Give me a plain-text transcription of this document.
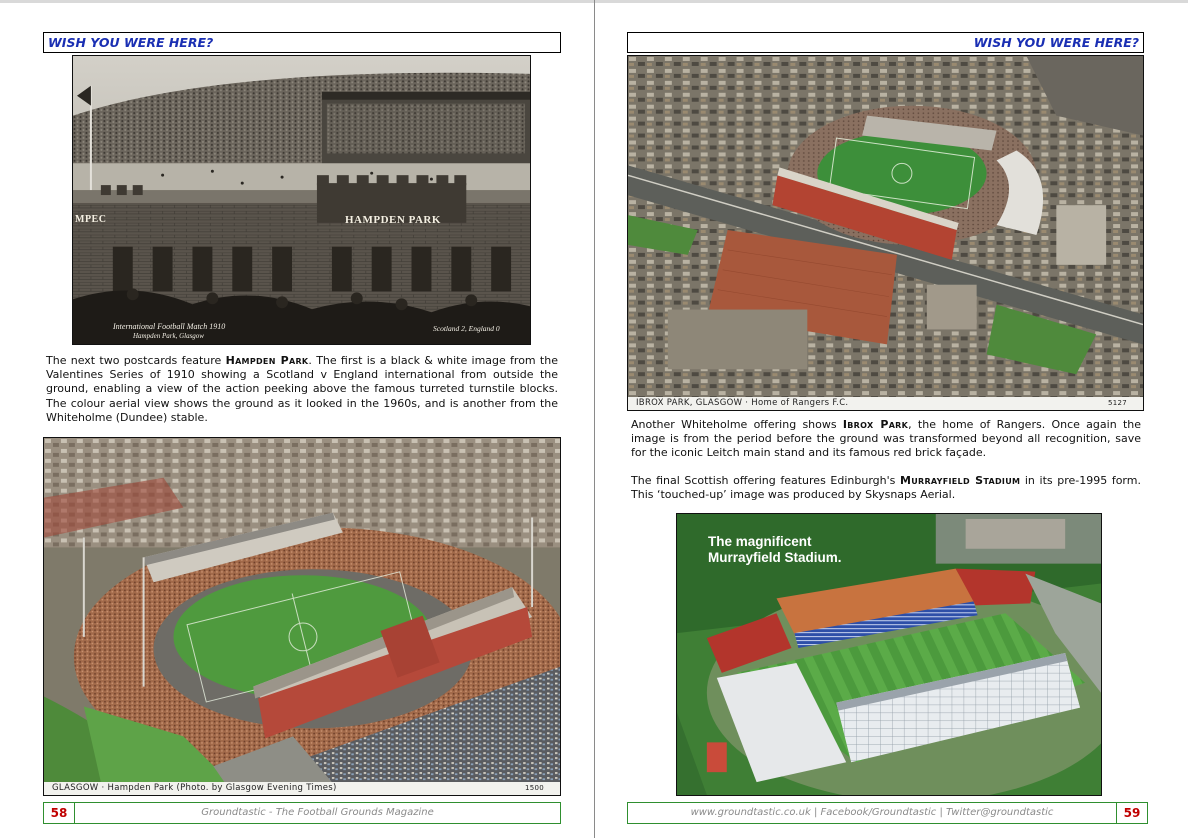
WISH YOU WERE HERE?
HAMPDEN PARK
MPEC
International Football Match 1910
Hampden Park, Glasgow
Scotland 2, England 0
The next two postcards feature Hampden Park. The first is a black & white image from the Valentines Series of 1910 showing a Scotland v England international from outside the ground, enabling a view of the action peeking above the famous turreted turnstile blocks. The colour aerial view shows the ground as it looked in the 1960s, and is another from the Whiteholme (Dundee) stable.
GLASGOW · Hampden Park (Photo. by Glasgow Evening Times)	1500
58	Groundtastic - The Football Grounds Magazine
WISH YOU WERE HERE?
IBROX PARK, GLASGOW · Home of Rangers F.C.	5127
Another Whiteholme offering shows Ibrox Park, the home of Rangers. Once again the image is from the period before the ground was transformed beyond all recognition, save for the iconic Leitch main stand and its famous red brick façade.
The final Scottish offering features Edinburgh's Murrayfield Stadium in its pre-1995 form. This ‘touched-up’ image was produced by Skysnaps Aerial.
The magnificent
Murrayfield Stadium.
www.groundtastic.co.uk | Facebook/Groundtastic | Twitter@groundtastic	59
